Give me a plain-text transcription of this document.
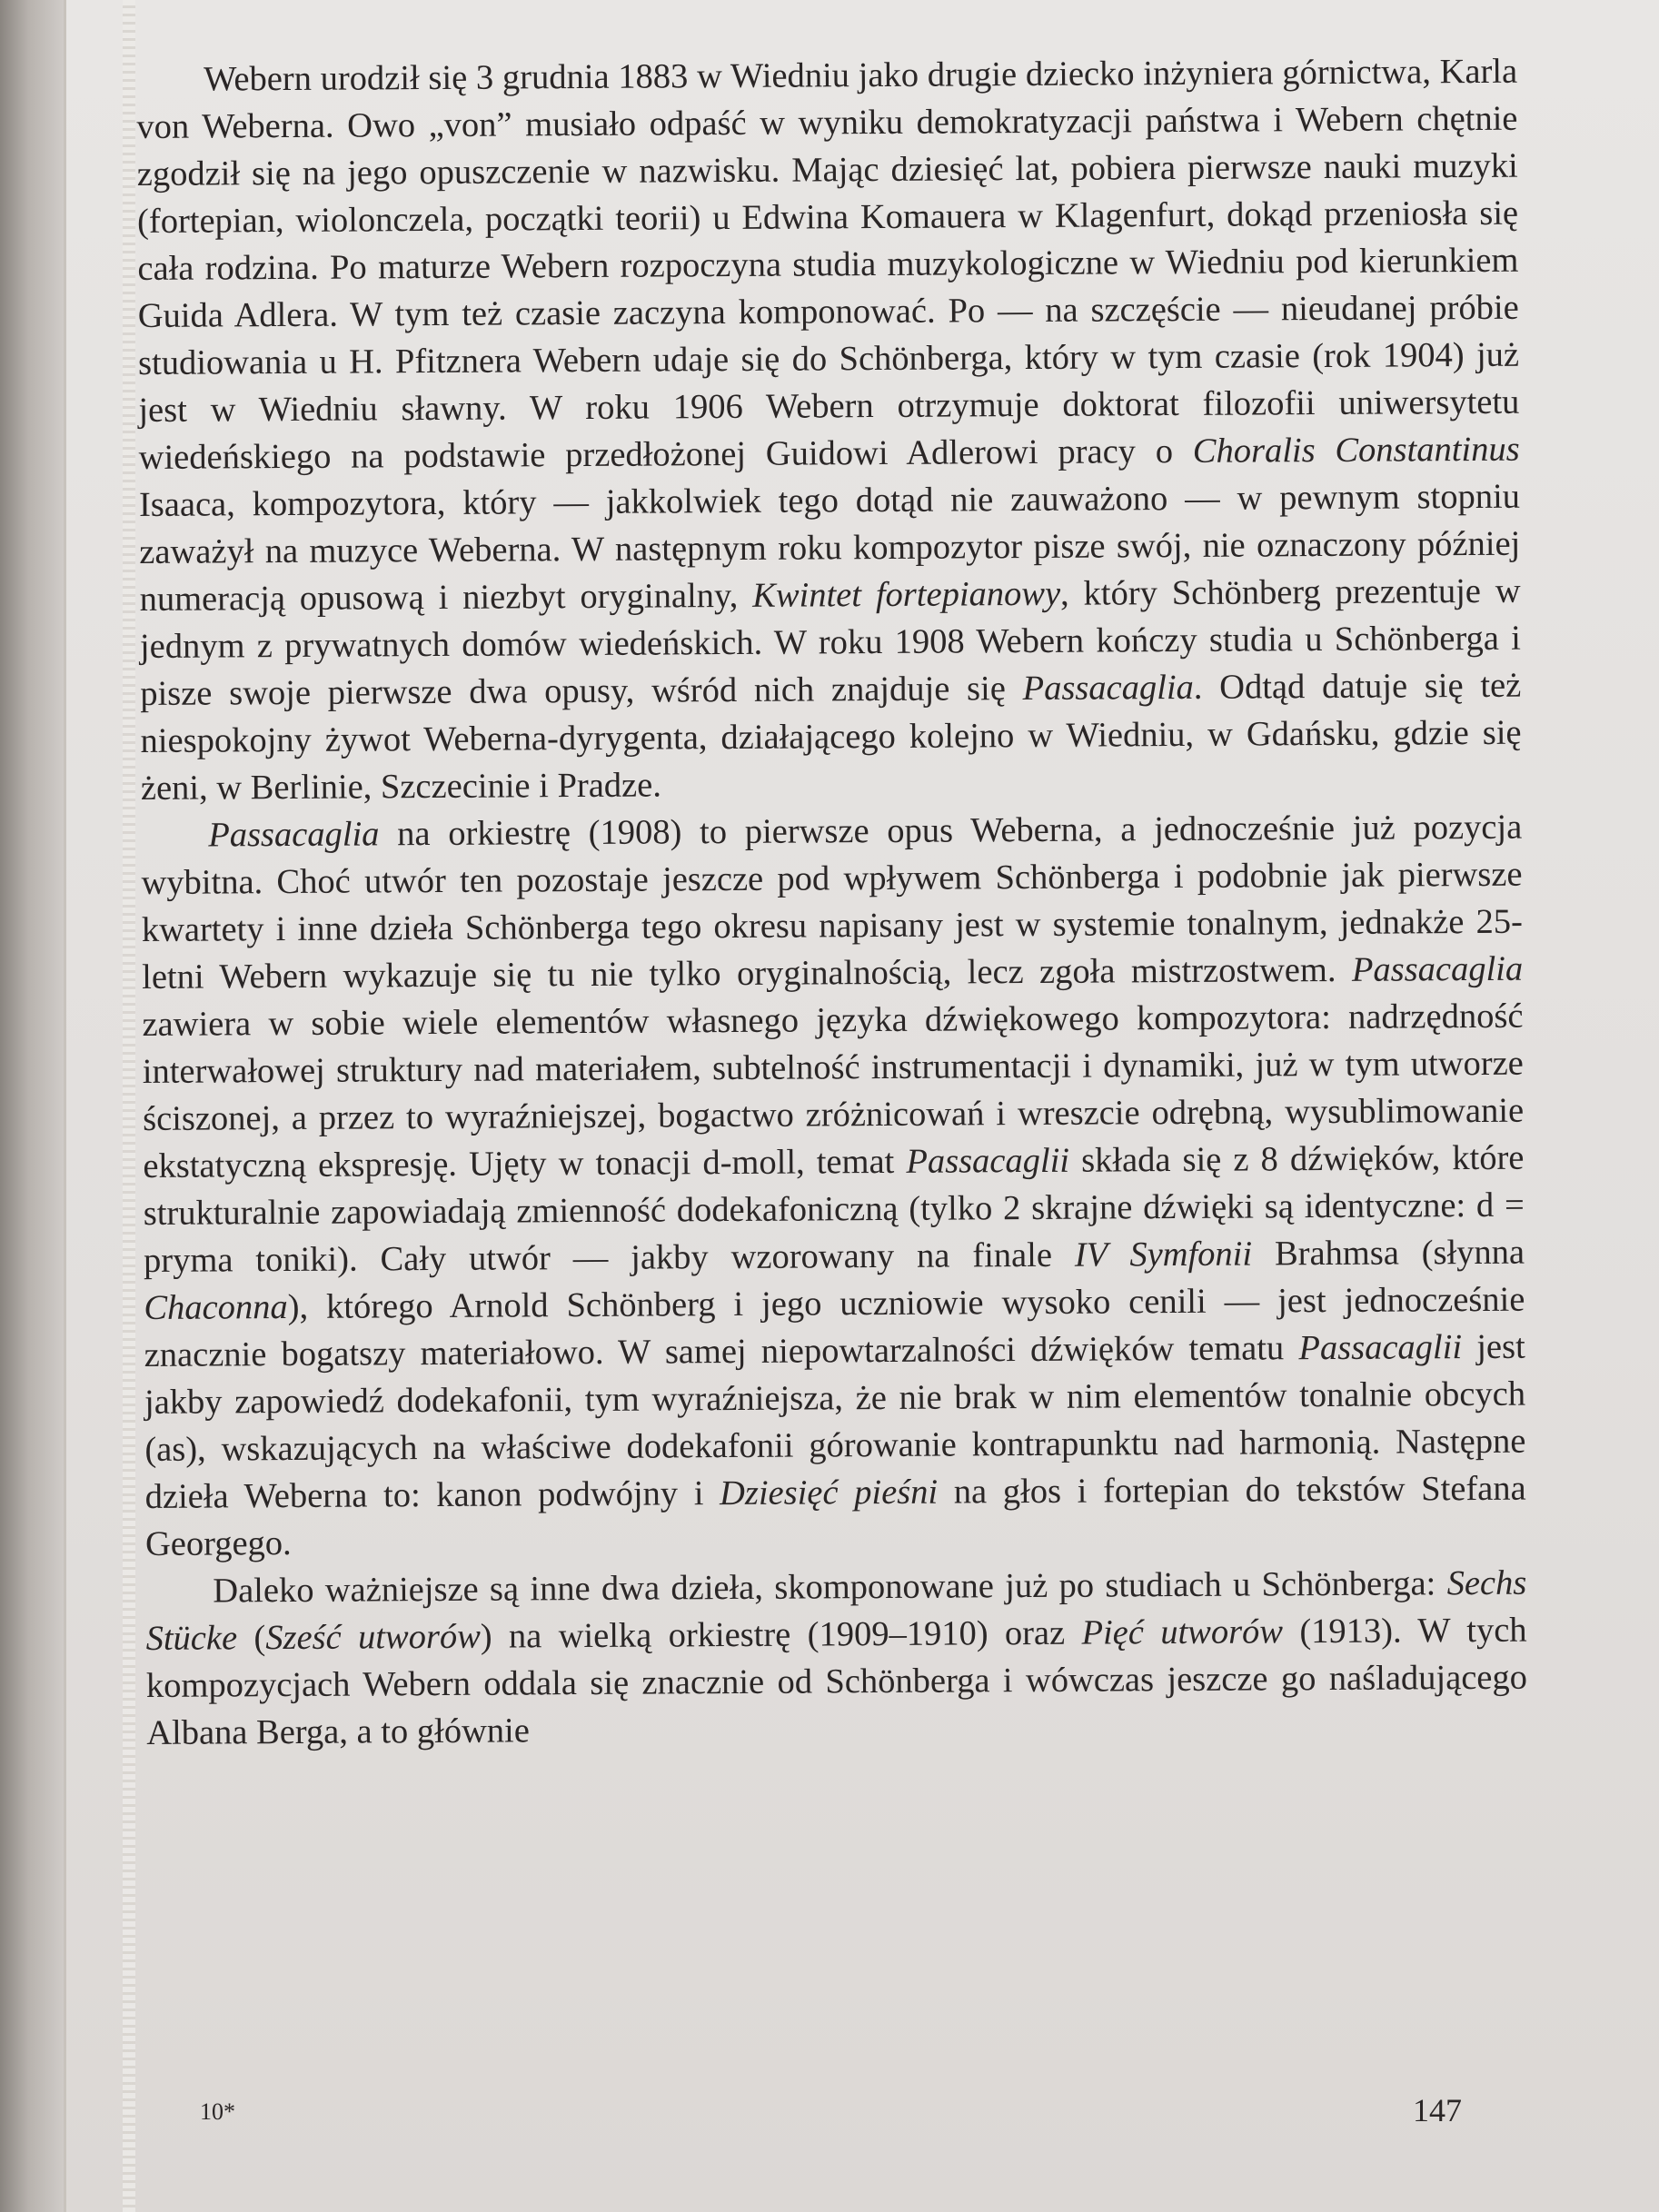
Webern urodził się 3 grudnia 1883 w Wiedniu jako drugie dziecko inżyniera górnictwa, Karla von Weberna. Owo „von” musiało odpaść w wyniku demokratyzacji państwa i Webern chętnie zgodził się na jego opuszczenie w nazwisku. Mając dziesięć lat, pobiera pierwsze nauki muzyki (fortepian, wiolonczela, początki teorii) u Edwina Komauera w Klagenfurt, dokąd przeniosła się cała rodzina. Po maturze Webern rozpoczyna studia muzykologiczne w Wiedniu pod kierunkiem Guida Adlera. W tym też czasie zaczyna komponować. Po — na szczęście — nieudanej próbie studiowania u H. Pfitznera Webern udaje się do Schönberga, który w tym czasie (rok 1904) już jest w Wiedniu sławny. W roku 1906 Webern otrzymuje doktorat filozofii uniwersytetu wiedeńskiego na podstawie przedłożonej Guidowi Adlerowi pracy o Choralis Constantinus Isaaca, kompozytora, który — jakkolwiek tego dotąd nie zauważono — w pewnym stopniu zaważył na muzyce Weberna. W następnym roku kompozytor pisze swój, nie oznaczony później numeracją opusową i niezbyt oryginalny, Kwintet fortepianowy, który Schönberg prezentuje w jednym z prywatnych domów wiedeńskich. W roku 1908 Webern kończy studia u Schönberga i pisze swoje pierwsze dwa opusy, wśród nich znajduje się Passacaglia. Odtąd datuje się też niespokojny żywot Weberna-dyrygenta, działającego kolejno w Wiedniu, w Gdańsku, gdzie się żeni, w Berlinie, Szczecinie i Pradze.

Passacaglia na orkiestrę (1908) to pierwsze opus Weberna, a jednocześnie już pozycja wybitna. Choć utwór ten pozostaje jeszcze pod wpływem Schönberga i podobnie jak pierwsze kwartety i inne dzieła Schönberga tego okresu napisany jest w systemie tonalnym, jednakże 25-letni Webern wykazuje się tu nie tylko oryginalnością, lecz zgoła mistrzostwem. Passacaglia zawiera w sobie wiele elementów własnego języka dźwiękowego kompozytora: nadrzędność interwałowej struktury nad materiałem, subtelność instrumentacji i dynamiki, już w tym utworze ściszonej, a przez to wyraźniejszej, bogactwo zróżnicowań i wreszcie odrębną, wysublimowanie ekstatyczną ekspresję. Ujęty w tonacji d-moll, temat Passacaglii składa się z 8 dźwięków, które strukturalnie zapowiadają zmienność dodekafoniczną (tylko 2 skrajne dźwięki są identyczne: d = pryma toniki). Cały utwór — jakby wzorowany na finale IV Symfonii Brahmsa (słynna Chaconna), którego Arnold Schönberg i jego uczniowie wysoko cenili — jest jednocześnie znacznie bogatszy materiałowo. W samej niepowtarzalności dźwięków tematu Passacaglii jest jakby zapowiedź dodekafonii, tym wyraźniejsza, że nie brak w nim elementów tonalnie obcych (as), wskazujących na właściwe dodekafonii górowanie kontrapunktu nad harmonią. Następne dzieła Weberna to: kanon podwójny i Dziesięć pieśni na głos i fortepian do tekstów Stefana Georgego.

Daleko ważniejsze są inne dwa dzieła, skomponowane już po studiach u Schönberga: Sechs Stücke (Sześć utworów) na wielką orkiestrę (1909–1910) oraz Pięć utworów (1913). W tych kompozycjach Webern oddala się znacznie od Schönberga i wówczas jeszcze go naśladującego Albana Berga, a to głównie

10*	147
